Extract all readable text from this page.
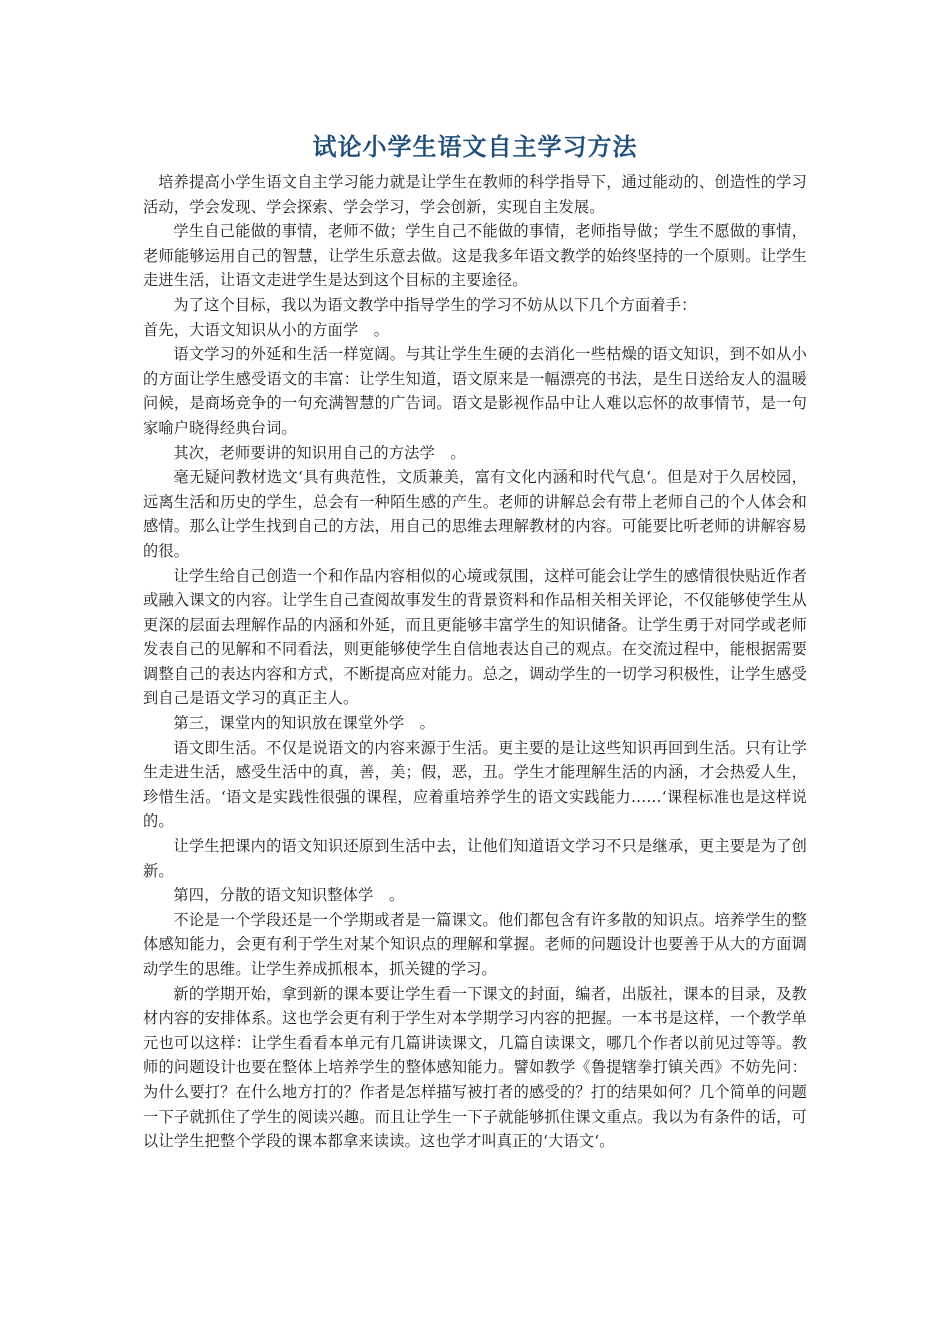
试论小学生语文自主学习方法

培养提高小学生语文自主学习能力就是让学生在教师的科学指导下，通过能动的、创造性的学习活动，学会发现、学会探索、学会学习，学会创新，实现自主发展。

学生自己能做的事情，老师不做；学生自己不能做的事情，老师指导做；学生不愿做的事情，老师能够运用自己的智慧，让学生乐意去做。这是我多年语文教学的始终坚持的一个原则。让学生走进生活，让语文走进学生是达到这个目标的主要途径。

为了这个目标，我以为语文教学中指导学生的学习不妨从以下几个方面着手：

首先，大语文知识从小的方面学　。

语文学习的外延和生活一样宽阔。与其让学生生硬的去消化一些枯燥的语文知识，到不如从小的方面让学生感受语文的丰富：让学生知道，语文原来是一幅漂亮的书法，是生日送给友人的温暖问候，是商场竞争的一句充满智慧的广告词。语文是影视作品中让人难以忘怀的故事情节，是一句家喻户晓得经典台词。

其次，老师要讲的知识用自己的方法学　。

毫无疑问教材选文‘具有典范性，文质兼美，富有文化内涵和时代气息‘。但是对于久居校园，远离生活和历史的学生，总会有一种陌生感的产生。老师的讲解总会有带上老师自己的个人体会和感情。那么让学生找到自己的方法，用自己的思维去理解教材的内容。可能要比听老师的讲解容易的很。

让学生给自己创造一个和作品内容相似的心境或氛围，这样可能会让学生的感情很快贴近作者或融入课文的内容。让学生自己查阅故事发生的背景资料和作品相关相关评论，不仅能够使学生从更深的层面去理解作品的内涵和外延，而且更能够丰富学生的知识储备。让学生勇于对同学或老师发表自己的见解和不同看法，则更能够使学生自信地表达自己的观点。在交流过程中，能根据需要调整自己的表达内容和方式，不断提高应对能力。总之，调动学生的一切学习积极性，让学生感受到自己是语文学习的真正主人。

第三，课堂内的知识放在课堂外学　。

语文即生活。不仅是说语文的内容来源于生活。更主要的是让这些知识再回到生活。只有让学生走进生活，感受生活中的真，善，美；假，恶，丑。学生才能理解生活的内涵，才会热爱人生，珍惜生活。‘语文是实践性很强的课程，应着重培养学生的语文实践能力……‘课程标准也是这样说的。

让学生把课内的语文知识还原到生活中去，让他们知道语文学习不只是继承，更主要是为了创新。

第四，分散的语文知识整体学　。

不论是一个学段还是一个学期或者是一篇课文。他们都包含有许多散的知识点。培养学生的整体感知能力，会更有利于学生对某个知识点的理解和掌握。老师的问题设计也要善于从大的方面调动学生的思维。让学生养成抓根本，抓关键的学习。

新的学期开始，拿到新的课本要让学生看一下课文的封面，编者，出版社，课本的目录，及教材内容的安排体系。这也学会更有利于学生对本学期学习内容的把握。一本书是这样，一个教学单元也可以这样：让学生看看本单元有几篇讲读课文，几篇自读课文，哪几个作者以前见过等等。教师的问题设计也要在整体上培养学生的整体感知能力。譬如教学《鲁提辖拳打镇关西》不妨先问：为什么要打？在什么地方打的？作者是怎样描写被打者的感受的？打的结果如何？几个简单的问题一下子就抓住了学生的阅读兴趣。而且让学生一下子就能够抓住课文重点。我以为有条件的话，可以让学生把整个学段的课本都拿来读读。这也学才叫真正的‘大语文‘。
